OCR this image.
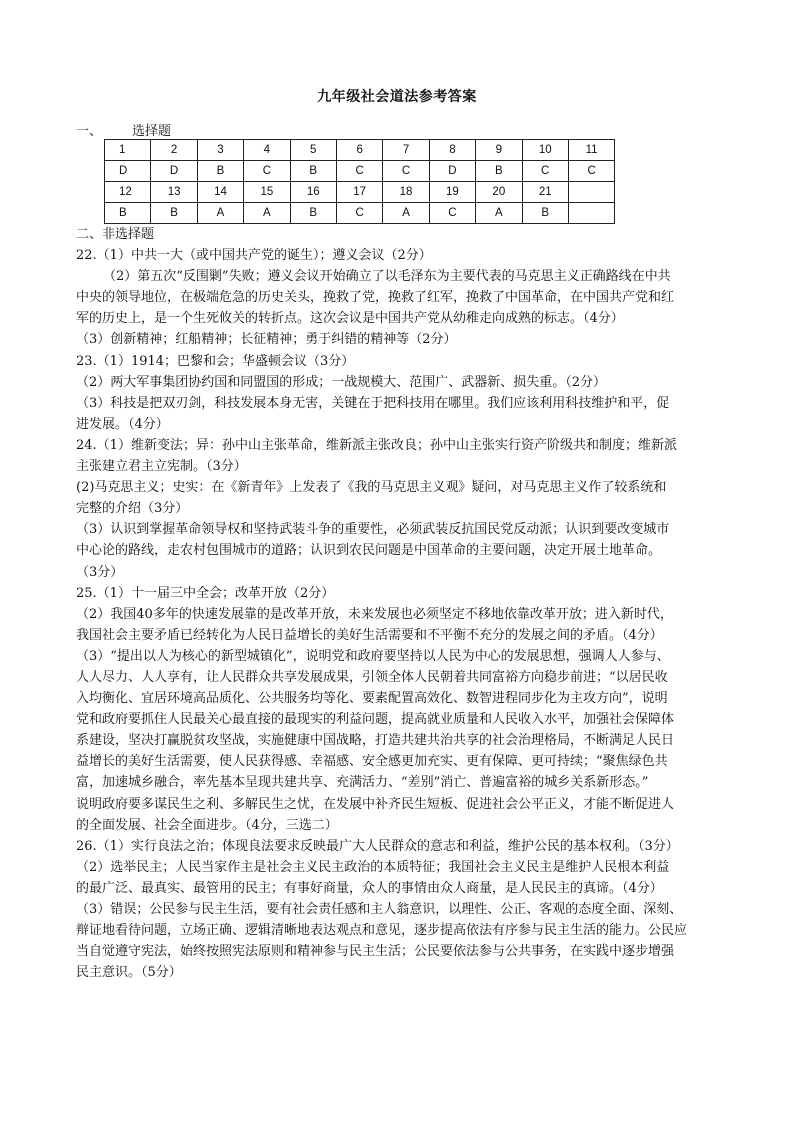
九年级社会道法参考答案
一、 选择题
1	2	3	4	5	6	7	8	9	10	11
D	D	B	C	B	C	C	D	B	C	C
12	13	14	15	16	17	18	19	20	21	
B	B	A	A	B	C	A	C	A	B	
二、非选择题
22.（1）中共一大（或中国共产党的诞生）；遵义会议（2分）
（2）第五次“反围剿”失败；遵义会议开始确立了以毛泽东为主要代表的马克思主义正确路线在中共
中央的领导地位，在极端危急的历史关头，挽救了党，挽救了红军，挽救了中国革命，在中国共产党和红
军的历史上，是一个生死攸关的转折点。这次会议是中国共产党从幼稚走向成熟的标志。（4分）
（3）创新精神；红船精神；长征精神；勇于纠错的精神等（2分）
23.（1）1914；巴黎和会；华盛顿会议（3分）
（2）两大军事集团协约国和同盟国的形成；一战规模大、范围广、武器新、损失重。（2分）
（3）科技是把双刃剑，科技发展本身无害，关键在于把科技用在哪里。我们应该利用科技维护和平，促
进发展。（4分）
24.（1）维新变法；异：孙中山主张革命，维新派主张改良；孙中山主张实行资产阶级共和制度；维新派
主张建立君主立宪制。（3分）
(2)马克思主义；史实：在《新青年》上发表了《我的马克思主义观》疑问，对马克思主义作了较系统和
完整的介绍（3分）
（3）认识到掌握革命领导权和坚持武装斗争的重要性，必须武装反抗国民党反动派；认识到要改变城市
中心论的路线，走农村包围城市的道路；认识到农民问题是中国革命的主要问题，决定开展土地革命。
（3分）
25.（1）十一届三中全会；改革开放（2分）
（2）我国40多年的快速发展靠的是改革开放，未来发展也必须坚定不移地依靠改革开放；进入新时代，
我国社会主要矛盾已经转化为人民日益增长的美好生活需要和不平衡不充分的发展之间的矛盾。（4分）
（3）“提出以人为核心的新型城镇化”，说明党和政府要坚持以人民为中心的发展思想，强调人人参与、
人人尽力、人人享有，让人民群众共享发展成果，引领全体人民朝着共同富裕方向稳步前进；“以居民收
入均衡化、宜居环境高品质化、公共服务均等化、要素配置高效化、数智进程同步化为主攻方向”，说明
党和政府要抓住人民最关心最直接的最现实的利益问题，提高就业质量和人民收入水平，加强社会保障体
系建设，坚决打赢脱贫攻坚战，实施健康中国战略，打造共建共治共享的社会治理格局，不断满足人民日
益增长的美好生活需要，使人民获得感、幸福感、安全感更加充实、更有保障、更可持续；“聚焦绿色共
富，加速城乡融合，率先基本呈现共建共享、充满活力、“差别”消亡、普遍富裕的城乡关系新形态。”
说明政府要多谋民生之利、多解民生之忧，在发展中补齐民生短板、促进社会公平正义，才能不断促进人
的全面发展、社会全面进步。（4分，三选二）
26.（1）实行良法之治；体现良法要求反映最广大人民群众的意志和利益，维护公民的基本权利。（3分）
（2）选举民主；人民当家作主是社会主义民主政治的本质特征；我国社会主义民主是维护人民根本利益
的最广泛、最真实、最管用的民主；有事好商量，众人的事情由众人商量，是人民民主的真谛。（4分）
（3）错误；公民参与民主生活，要有社会责任感和主人翁意识，以理性、公正、客观的态度全面、深刻、
辩证地看待问题，立场正确、逻辑清晰地表达观点和意见，逐步提高依法有序参与民主生活的能力。公民应
当自觉遵守宪法，始终按照宪法原则和精神参与民主生活；公民要依法参与公共事务，在实践中逐步增强
民主意识。（5分）
